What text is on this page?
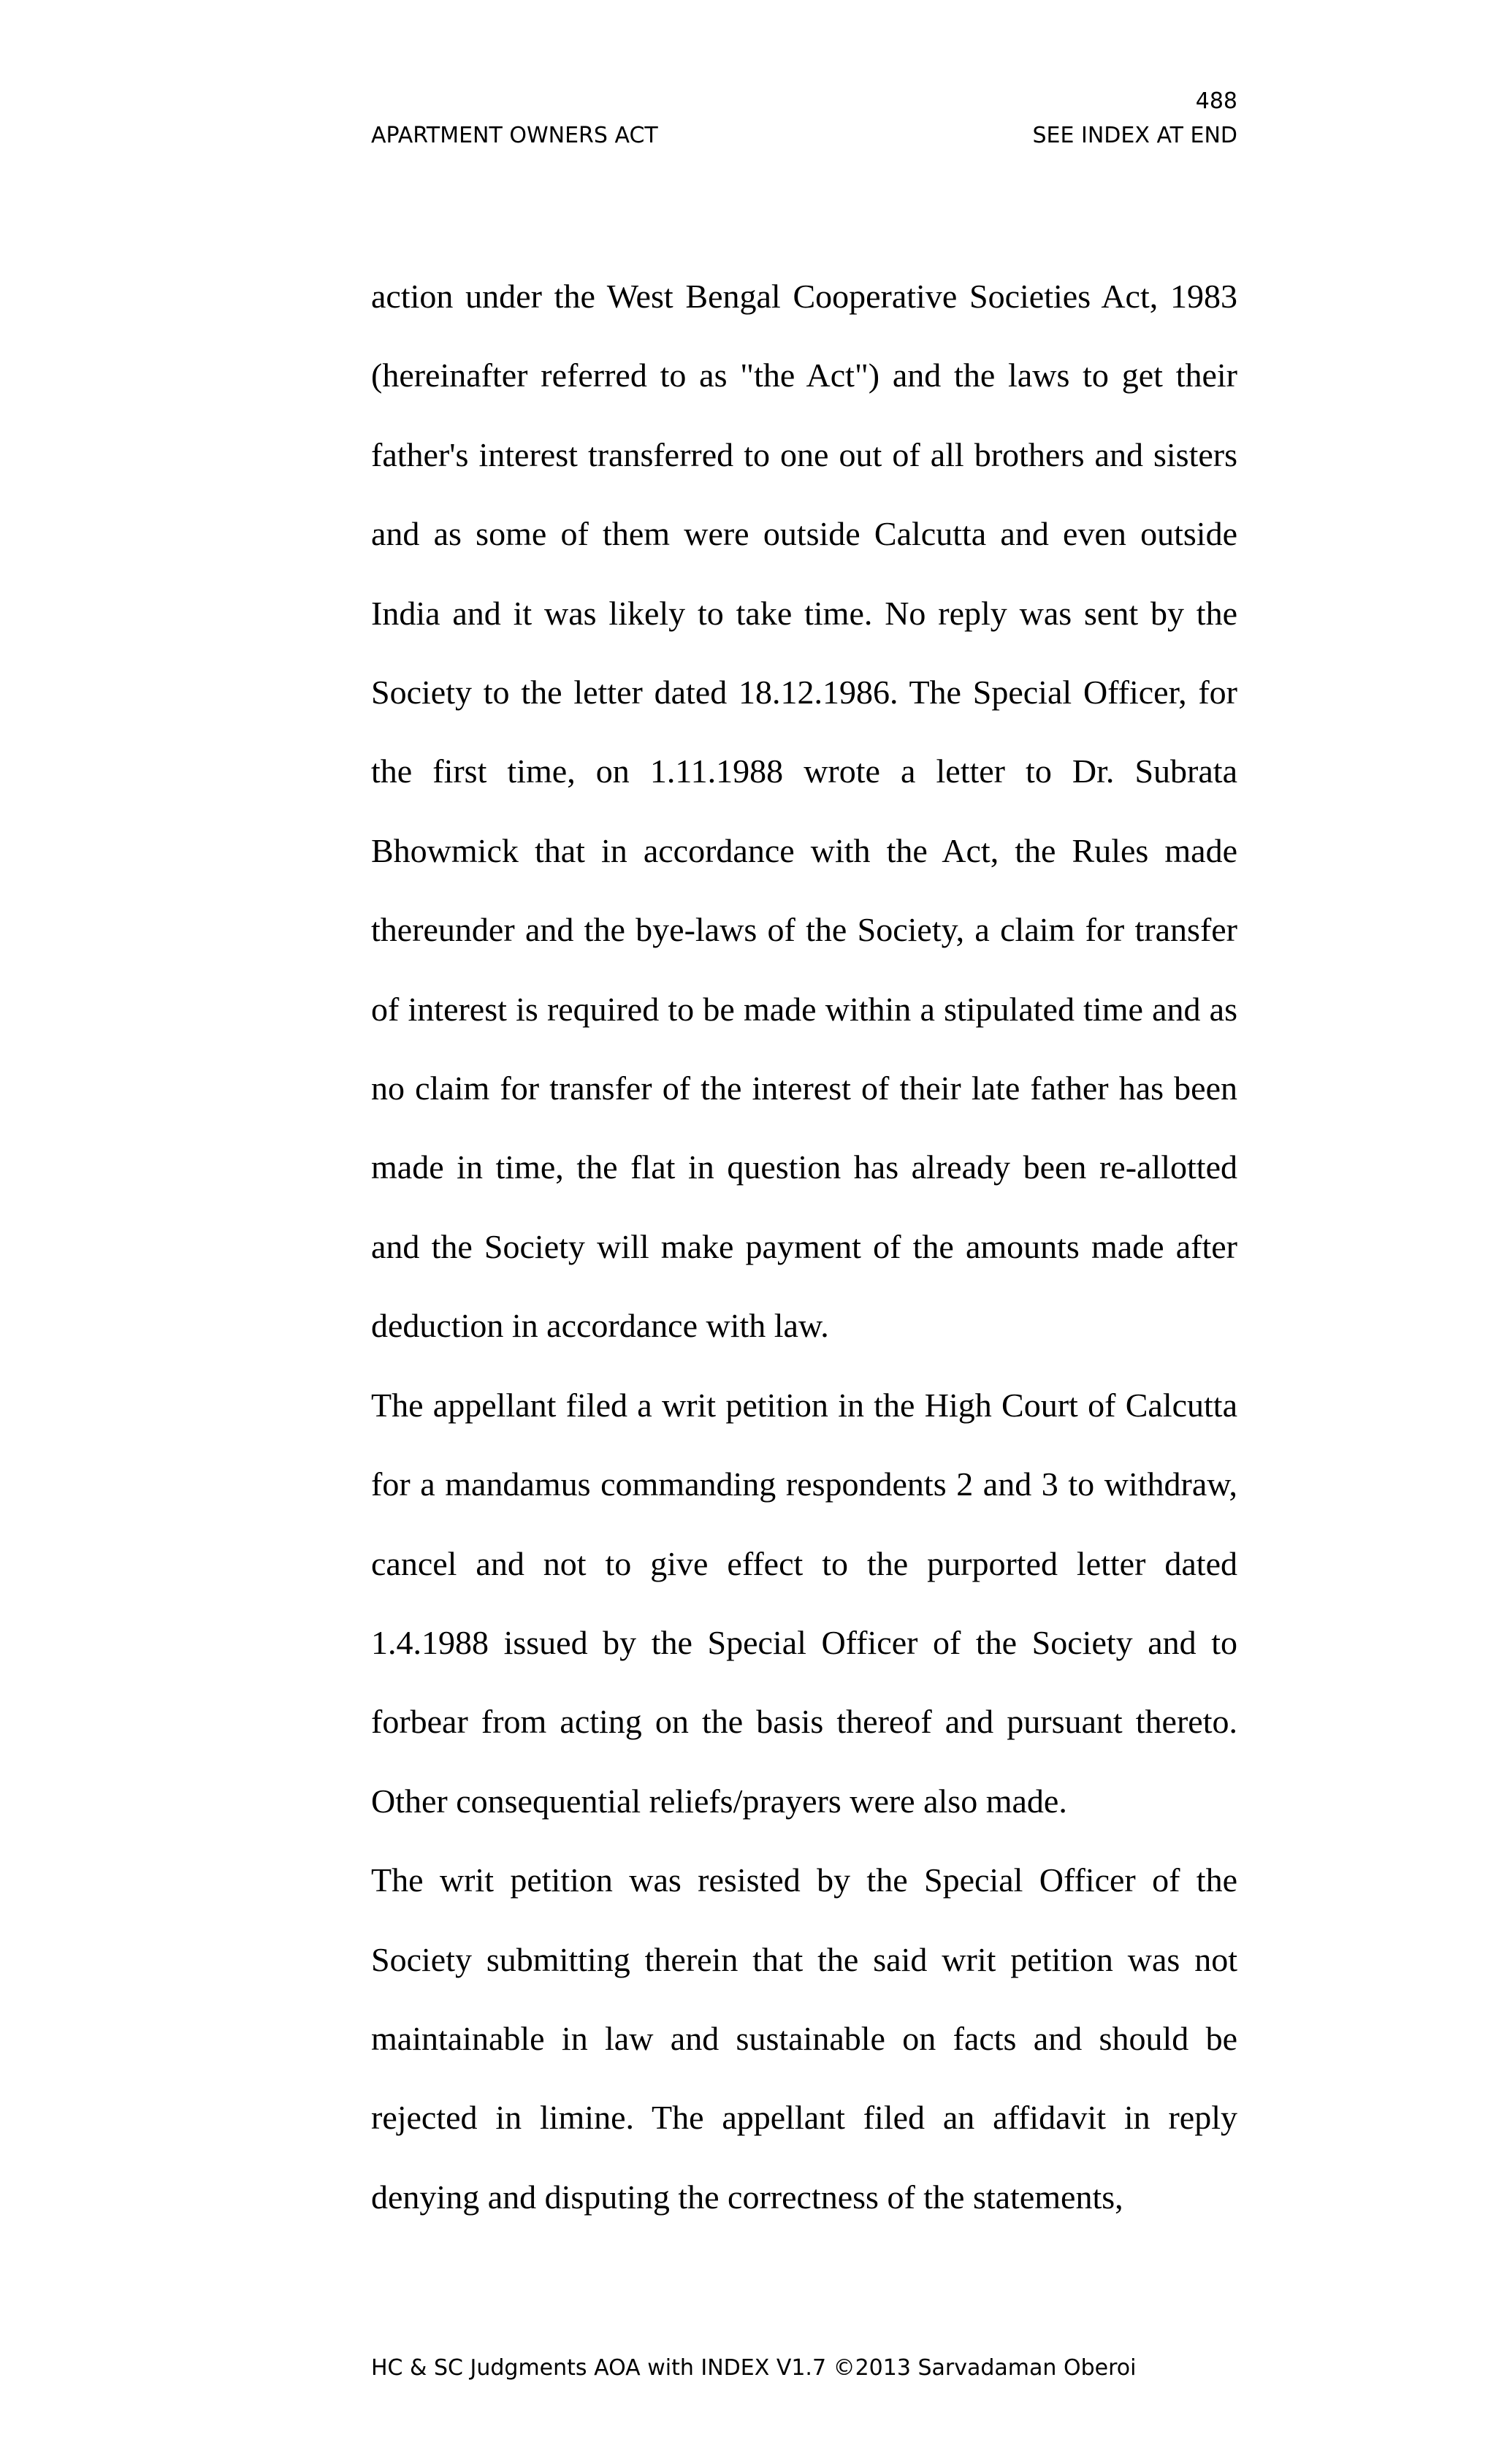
488
APARTMENT OWNERS ACT	SEE INDEX AT END

action under the West Bengal Cooperative Societies Act, 1983 (hereinafter referred to as "the Act") and the laws to get their father's interest transferred to one out of all brothers and sisters and as some of them were outside Calcutta and even outside India and it was likely to take time. No reply was sent by the Society to the letter dated 18.12.1986. The Special Officer, for the first time, on 1.11.1988 wrote a letter to Dr. Subrata Bhowmick that in accordance with the Act, the Rules made thereunder and the bye-laws of the Society, a claim for transfer of interest is required to be made within a stipulated time and as no claim for transfer of the interest of their late father has been made in time, the flat in question has already been re-allotted and the Society will make payment of the amounts made after deduction in accordance with law.

The appellant filed a writ petition in the High Court of Calcutta for a mandamus commanding respondents 2 and 3 to withdraw, cancel and not to give effect to the purported letter dated 1.4.1988 issued by the Special Officer of the Society and to forbear from acting on the basis thereof and pursuant thereto. Other consequential reliefs/prayers were also made.

The writ petition was resisted by the Special Officer of the Society submitting therein that the said writ petition was not maintainable in law and sustainable on facts and should be rejected in limine. The appellant filed an affidavit in reply denying and disputing the correctness of the statements,

HC & SC Judgments AOA with INDEX V1.7 ©2013 Sarvadaman Oberoi
